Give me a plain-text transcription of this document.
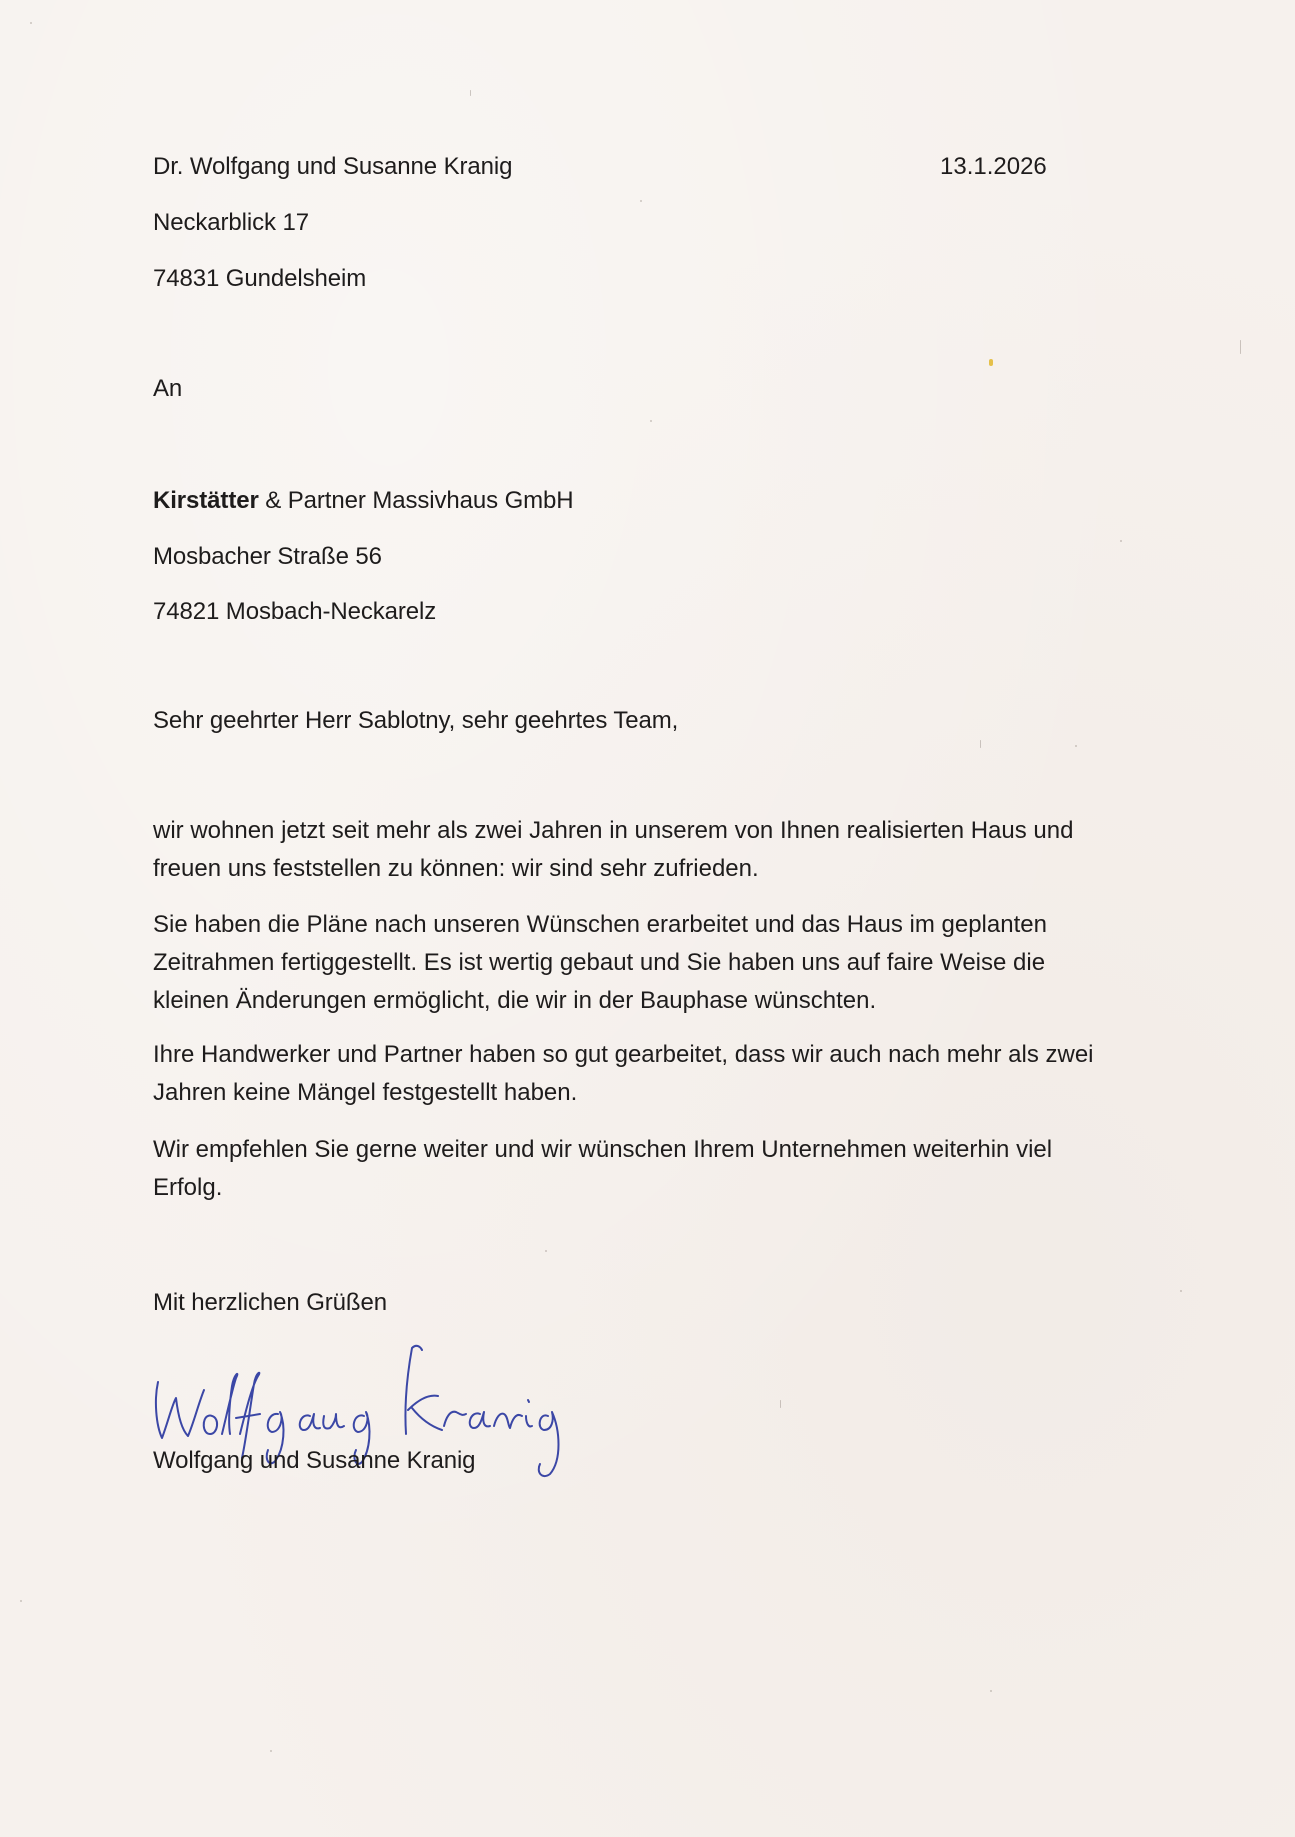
Dr. Wolfgang und Susanne Kranig	13.1.2026
Neckarblick 17
74831 Gundelsheim
An
Kirstätter & Partner Massivhaus GmbH
Mosbacher Straße 56
74821 Mosbach-Neckarelz
Sehr geehrter Herr Sablotny, sehr geehrtes Team,
wir wohnen jetzt seit mehr als zwei Jahren in unserem von Ihnen realisierten Haus und
freuen uns feststellen zu können: wir sind sehr zufrieden.
Sie haben die Pläne nach unseren Wünschen erarbeitet und das Haus im geplanten
Zeitrahmen fertiggestellt. Es ist wertig gebaut und Sie haben uns auf faire Weise die
kleinen Änderungen ermöglicht, die wir in der Bauphase wünschten.
Ihre Handwerker und Partner haben so gut gearbeitet, dass wir auch nach mehr als zwei
Jahren keine Mängel festgestellt haben.
Wir empfehlen Sie gerne weiter und wir wünschen Ihrem Unternehmen weiterhin viel
Erfolg.
Mit herzlichen Grüßen
Wolfgang und Susanne Kranig
